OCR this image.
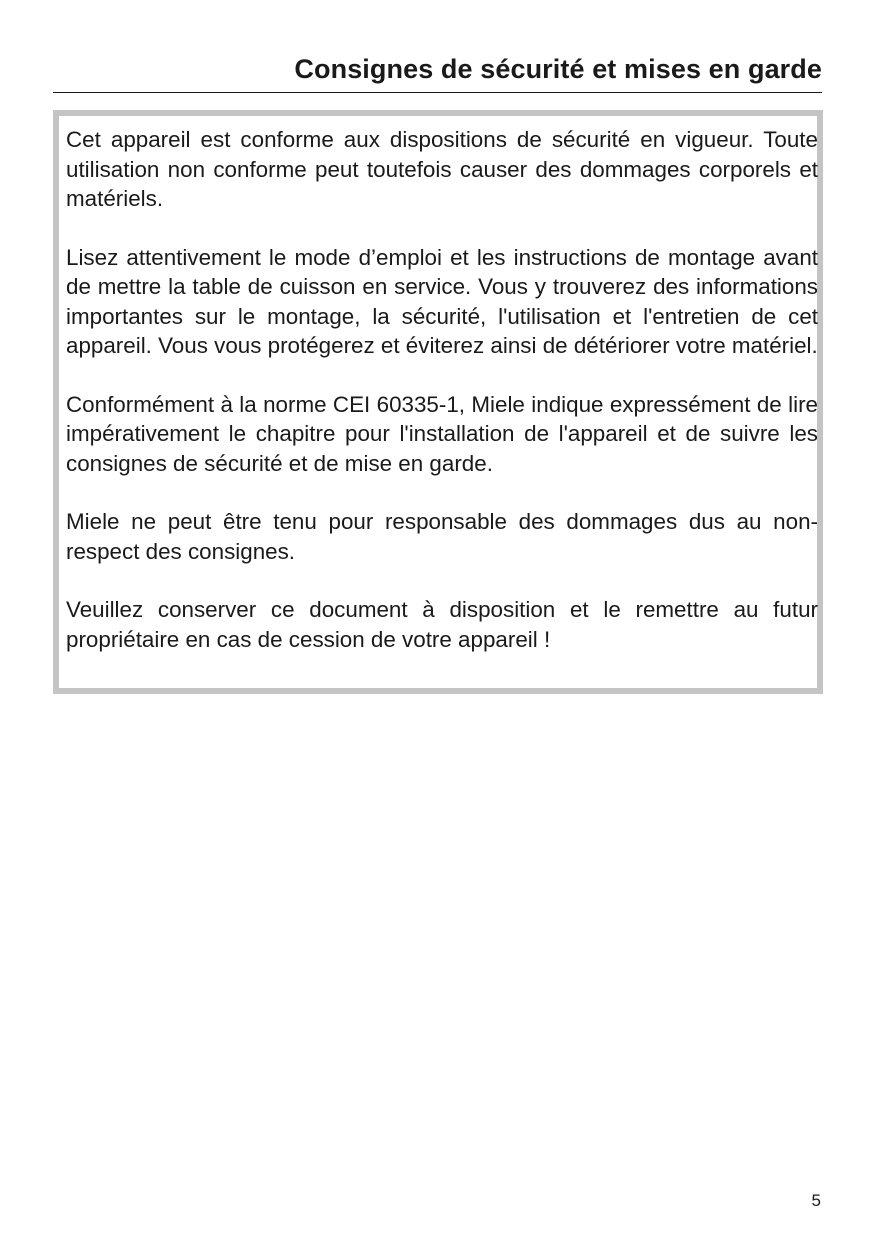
Consignes de sécurité et mises en garde

Cet appareil est conforme aux dispositions de sécurité en vigueur. Toute utilisation non conforme peut toutefois causer des dommages corporels et matériels.

Lisez attentivement le mode d’emploi et les instructions de montage avant de mettre la table de cuisson en service. Vous y trouverez des informations importantes sur le montage, la sécurité, l'utilisation et l'entretien de cet appareil. Vous vous protégerez et éviterez ainsi de détériorer votre matériel.

Conformément à la norme CEI 60335-1, Miele indique expressément de lire impérativement le chapitre pour l'installation de l'appareil et de suivre les consignes de sécurité et de mise en garde.

Miele ne peut être tenu pour responsable des dommages dus au non-respect des consignes.

Veuillez conserver ce document à disposition et le remettre au futur propriétaire en cas de cession de votre appareil !

5
